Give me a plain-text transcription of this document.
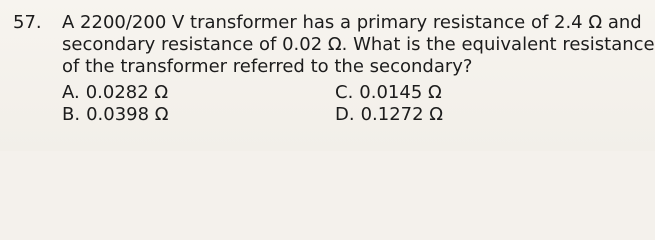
57. A 2200/200 V transformer has a primary resistance of 2.4 Ω and
secondary resistance of 0.02 Ω. What is the equivalent resistance
of the transformer referred to the secondary?
A. 0.0282 Ω
B. 0.0398 Ω
C. 0.0145 Ω
D. 0.1272 Ω
